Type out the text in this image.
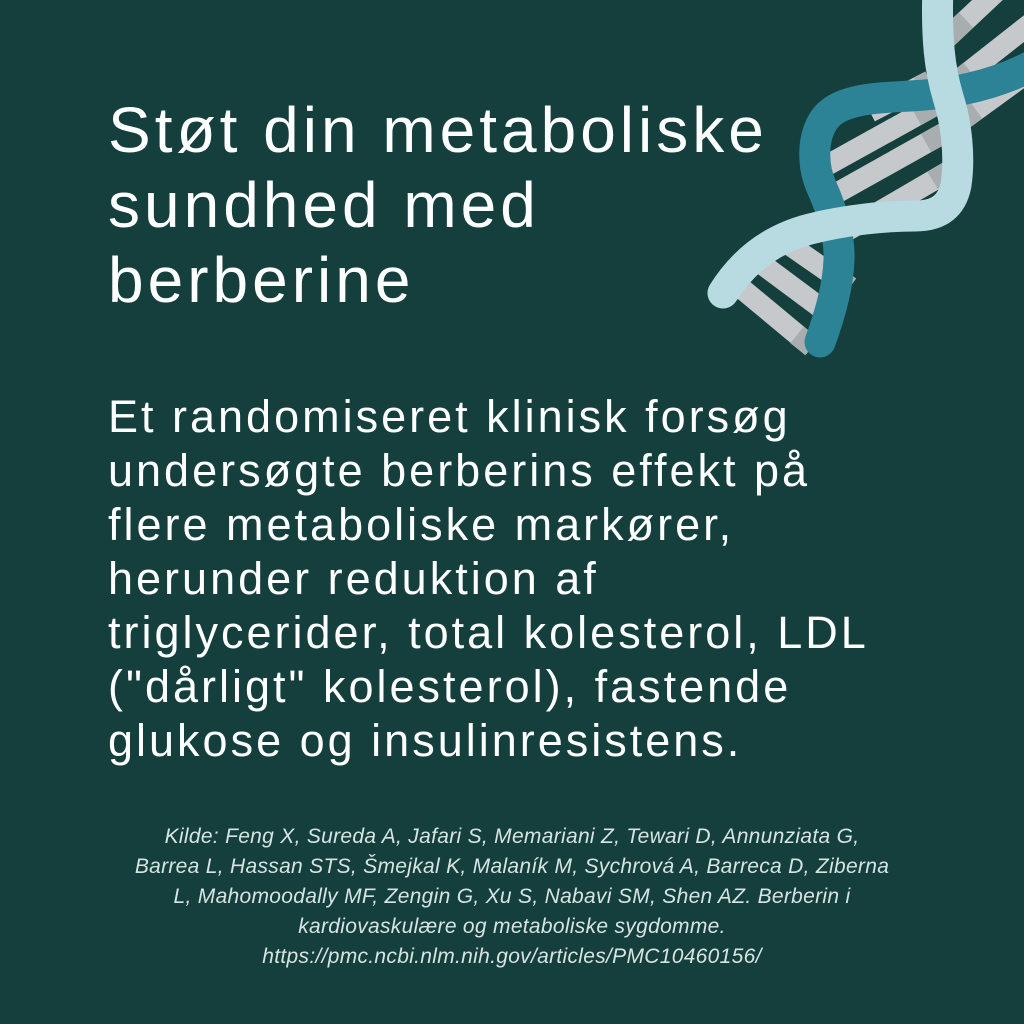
Støt din metaboliske
sundhed med
berberine
Et randomiseret klinisk forsøg
undersøgte berberins effekt på
flere metaboliske markører,
herunder reduktion af
triglycerider, total kolesterol, LDL
("dårligt" kolesterol), fastende
glukose og insulinresistens.
Kilde: Feng X, Sureda A, Jafari S, Memariani Z, Tewari D, Annunziata G,
Barrea L, Hassan STS, Šmejkal K, Malaník M, Sychrová A, Barreca D, Ziberna
L, Mahomoodally MF, Zengin G, Xu S, Nabavi SM, Shen AZ. Berberin i
kardiovaskulære og metaboliske sygdomme.
https://pmc.ncbi.nlm.nih.gov/articles/PMC10460156/
